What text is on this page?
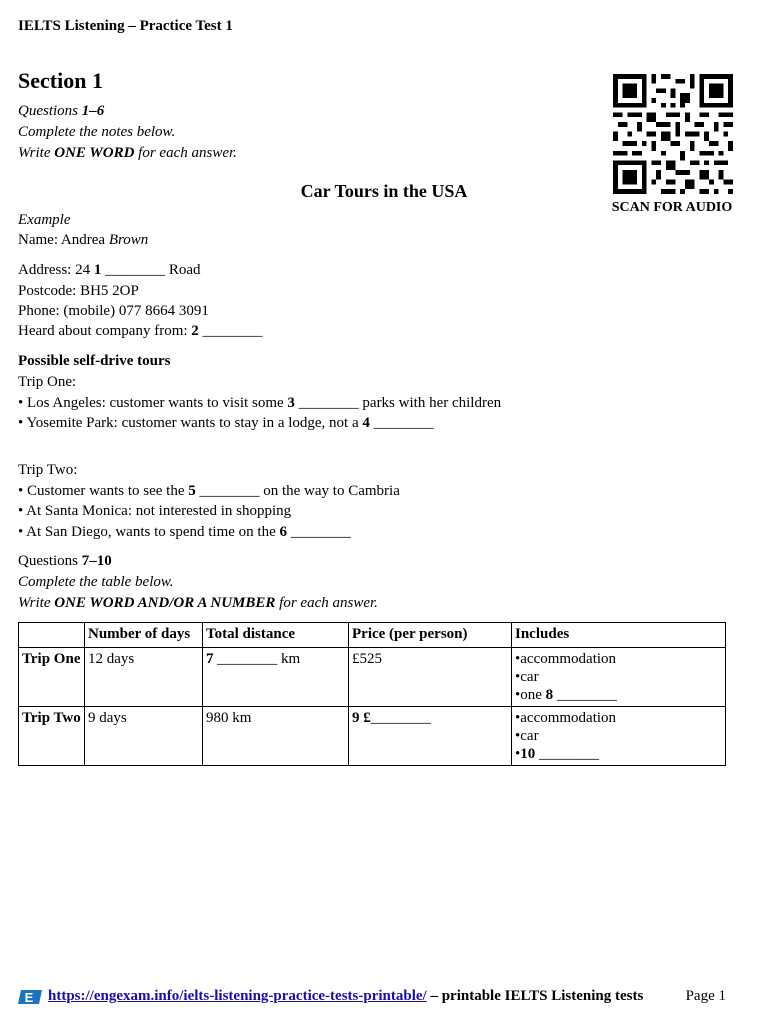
IELTS Listening – Practice Test 1
Section 1
Questions 1–6
Complete the notes below.
Write ONE WORD for each answer.
Car Tours in the USA
SCAN FOR AUDIO
Example
Name: Andrea Brown
Address: 24 1 ________ Road
Postcode: BH5 2OP
Phone: (mobile) 077 8664 3091
Heard about company from: 2 ________
Possible self-drive tours
Trip One:
• Los Angeles: customer wants to visit some 3 ________ parks with her children
• Yosemite Park: customer wants to stay in a lodge, not a 4 ________
Trip Two:
• Customer wants to see the 5 ________ on the way to Cambria
• At Santa Monica: not interested in shopping
• At San Diego, wants to spend time on the 6 ________
Questions 7–10
Complete the table below.
Write ONE WORD AND/OR A NUMBER for each answer.
	Number of days	Total distance	Price (per person)	Includes
Trip One	12 days	7 ________ km	£525	•accommodation
•car
•one 8 ________

Trip Two	9 days	980 km	9 £________	•accommodation
•car
•10 ________
E https://engexam.info/ielts-listening-practice-tests-printable/ – printable IELTS Listening tests	Page 1
